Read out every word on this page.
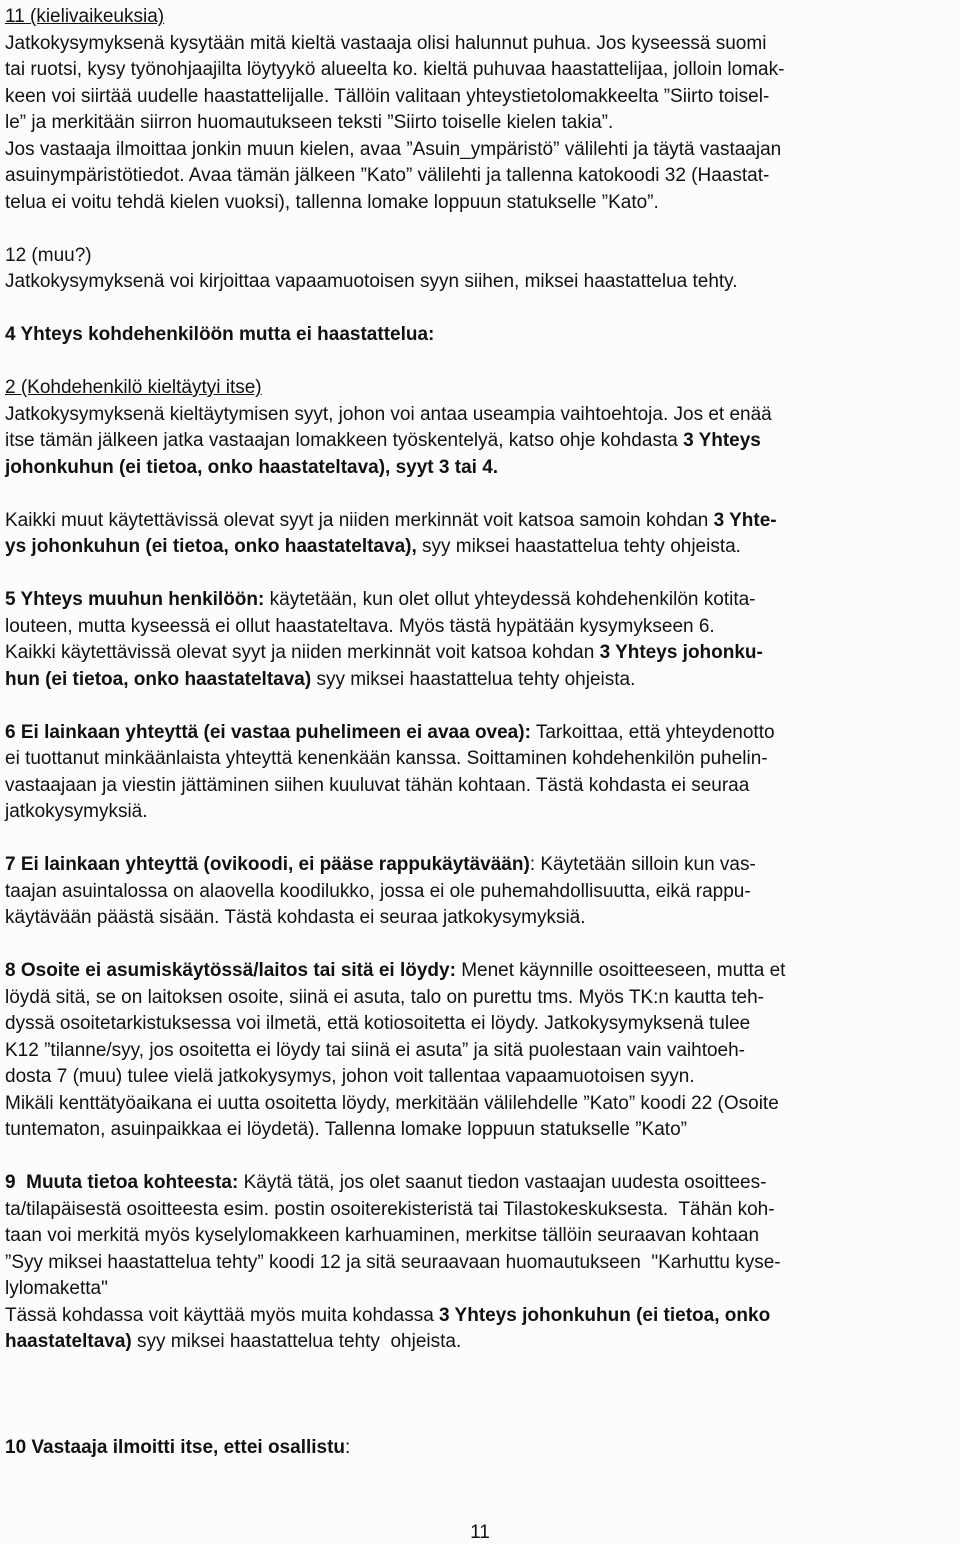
11 (kielivaikeuksia)
Jatkokysymyksenä kysytään mitä kieltä vastaaja olisi halunnut puhua. Jos kyseessä suomi
tai ruotsi, kysy työnohjaajilta löytyykö alueelta ko. kieltä puhuvaa haastattelijaa, jolloin lomak-
keen voi siirtää uudelle haastattelijalle. Tällöin valitaan yhteystietolomakkeelta ”Siirto toisel-
le” ja merkitään siirron huomautukseen teksti ”Siirto toiselle kielen takia”.
Jos vastaaja ilmoittaa jonkin muun kielen, avaa ”Asuin_ympäristö” välilehti ja täytä vastaajan
asuinympäristötiedot. Avaa tämän jälkeen ”Kato” välilehti ja tallenna katokoodi 32 (Haastat-
telua ei voitu tehdä kielen vuoksi), tallenna lomake loppuun statukselle ”Kato”.
12 (muu?)
Jatkokysymyksenä voi kirjoittaa vapaamuotoisen syyn siihen, miksei haastattelua tehty.
4 Yhteys kohdehenkilöön mutta ei haastattelua:
2 (Kohdehenkilö kieltäytyi itse)
Jatkokysymyksenä kieltäytymisen syyt, johon voi antaa useampia vaihtoehtoja. Jos et enää
itse tämän jälkeen jatka vastaajan lomakkeen työskentelyä, katso ohje kohdasta 3 Yhteys
johonkuhun (ei tietoa, onko haastateltava), syyt 3 tai 4.
Kaikki muut käytettävissä olevat syyt ja niiden merkinnät voit katsoa samoin kohdan 3 Yhte-
ys johonkuhun (ei tietoa, onko haastateltava), syy miksei haastattelua tehty ohjeista.
5 Yhteys muuhun henkilöön: käytetään, kun olet ollut yhteydessä kohdehenkilön kotita-
louteen, mutta kyseessä ei ollut haastateltava. Myös tästä hypätään kysymykseen 6.
Kaikki käytettävissä olevat syyt ja niiden merkinnät voit katsoa kohdan 3 Yhteys johonku-
hun (ei tietoa, onko haastateltava) syy miksei haastattelua tehty ohjeista.
6 Ei lainkaan yhteyttä (ei vastaa puhelimeen ei avaa ovea): Tarkoittaa, että yhteydenotto
ei tuottanut minkäänlaista yhteyttä kenenkään kanssa. Soittaminen kohdehenkilön puhelin-
vastaajaan ja viestin jättäminen siihen kuuluvat tähän kohtaan. Tästä kohdasta ei seuraa
jatkokysymyksiä.
7 Ei lainkaan yhteyttä (ovikoodi, ei pääse rappukäytävään): Käytetään silloin kun vas-
taajan asuintalossa on alaovella koodilukko, jossa ei ole puhemahdollisuutta, eikä rappu-
käytävään päästä sisään. Tästä kohdasta ei seuraa jatkokysymyksiä.
8 Osoite ei asumiskäytössä/laitos tai sitä ei löydy: Menet käynnille osoitteeseen, mutta et
löydä sitä, se on laitoksen osoite, siinä ei asuta, talo on purettu tms. Myös TK:n kautta teh-
dyssä osoitetarkistuksessa voi ilmetä, että kotiosoitetta ei löydy. Jatkokysymyksenä tulee
K12 ”tilanne/syy, jos osoitetta ei löydy tai siinä ei asuta” ja sitä puolestaan vain vaihtoeh-
dosta 7 (muu) tulee vielä jatkokysymys, johon voit tallentaa vapaamuotoisen syyn.
Mikäli kenttätyöaikana ei uutta osoitetta löydy, merkitään välilehdelle ”Kato” koodi 22 (Osoite
tuntematon, asuinpaikkaa ei löydetä). Tallenna lomake loppuun statukselle ”Kato”
9  Muuta tietoa kohteesta: Käytä tätä, jos olet saanut tiedon vastaajan uudesta osoittees-
ta/tilapäisestä osoitteesta esim. postin osoiterekisteristä tai Tilastokeskuksesta.  Tähän koh-
taan voi merkitä myös kyselylomakkeen karhuaminen, merkitse tällöin seuraavan kohtaan
”Syy miksei haastattelua tehty” koodi 12 ja sitä seuraavaan huomautukseen  "Karhuttu kyse-
lylomaketta"
Tässä kohdassa voit käyttää myös muita kohdassa 3 Yhteys johonkuhun (ei tietoa, onko
haastateltava) syy miksei haastattelua tehty  ohjeista.
10 Vastaaja ilmoitti itse, ettei osallistu:
11
